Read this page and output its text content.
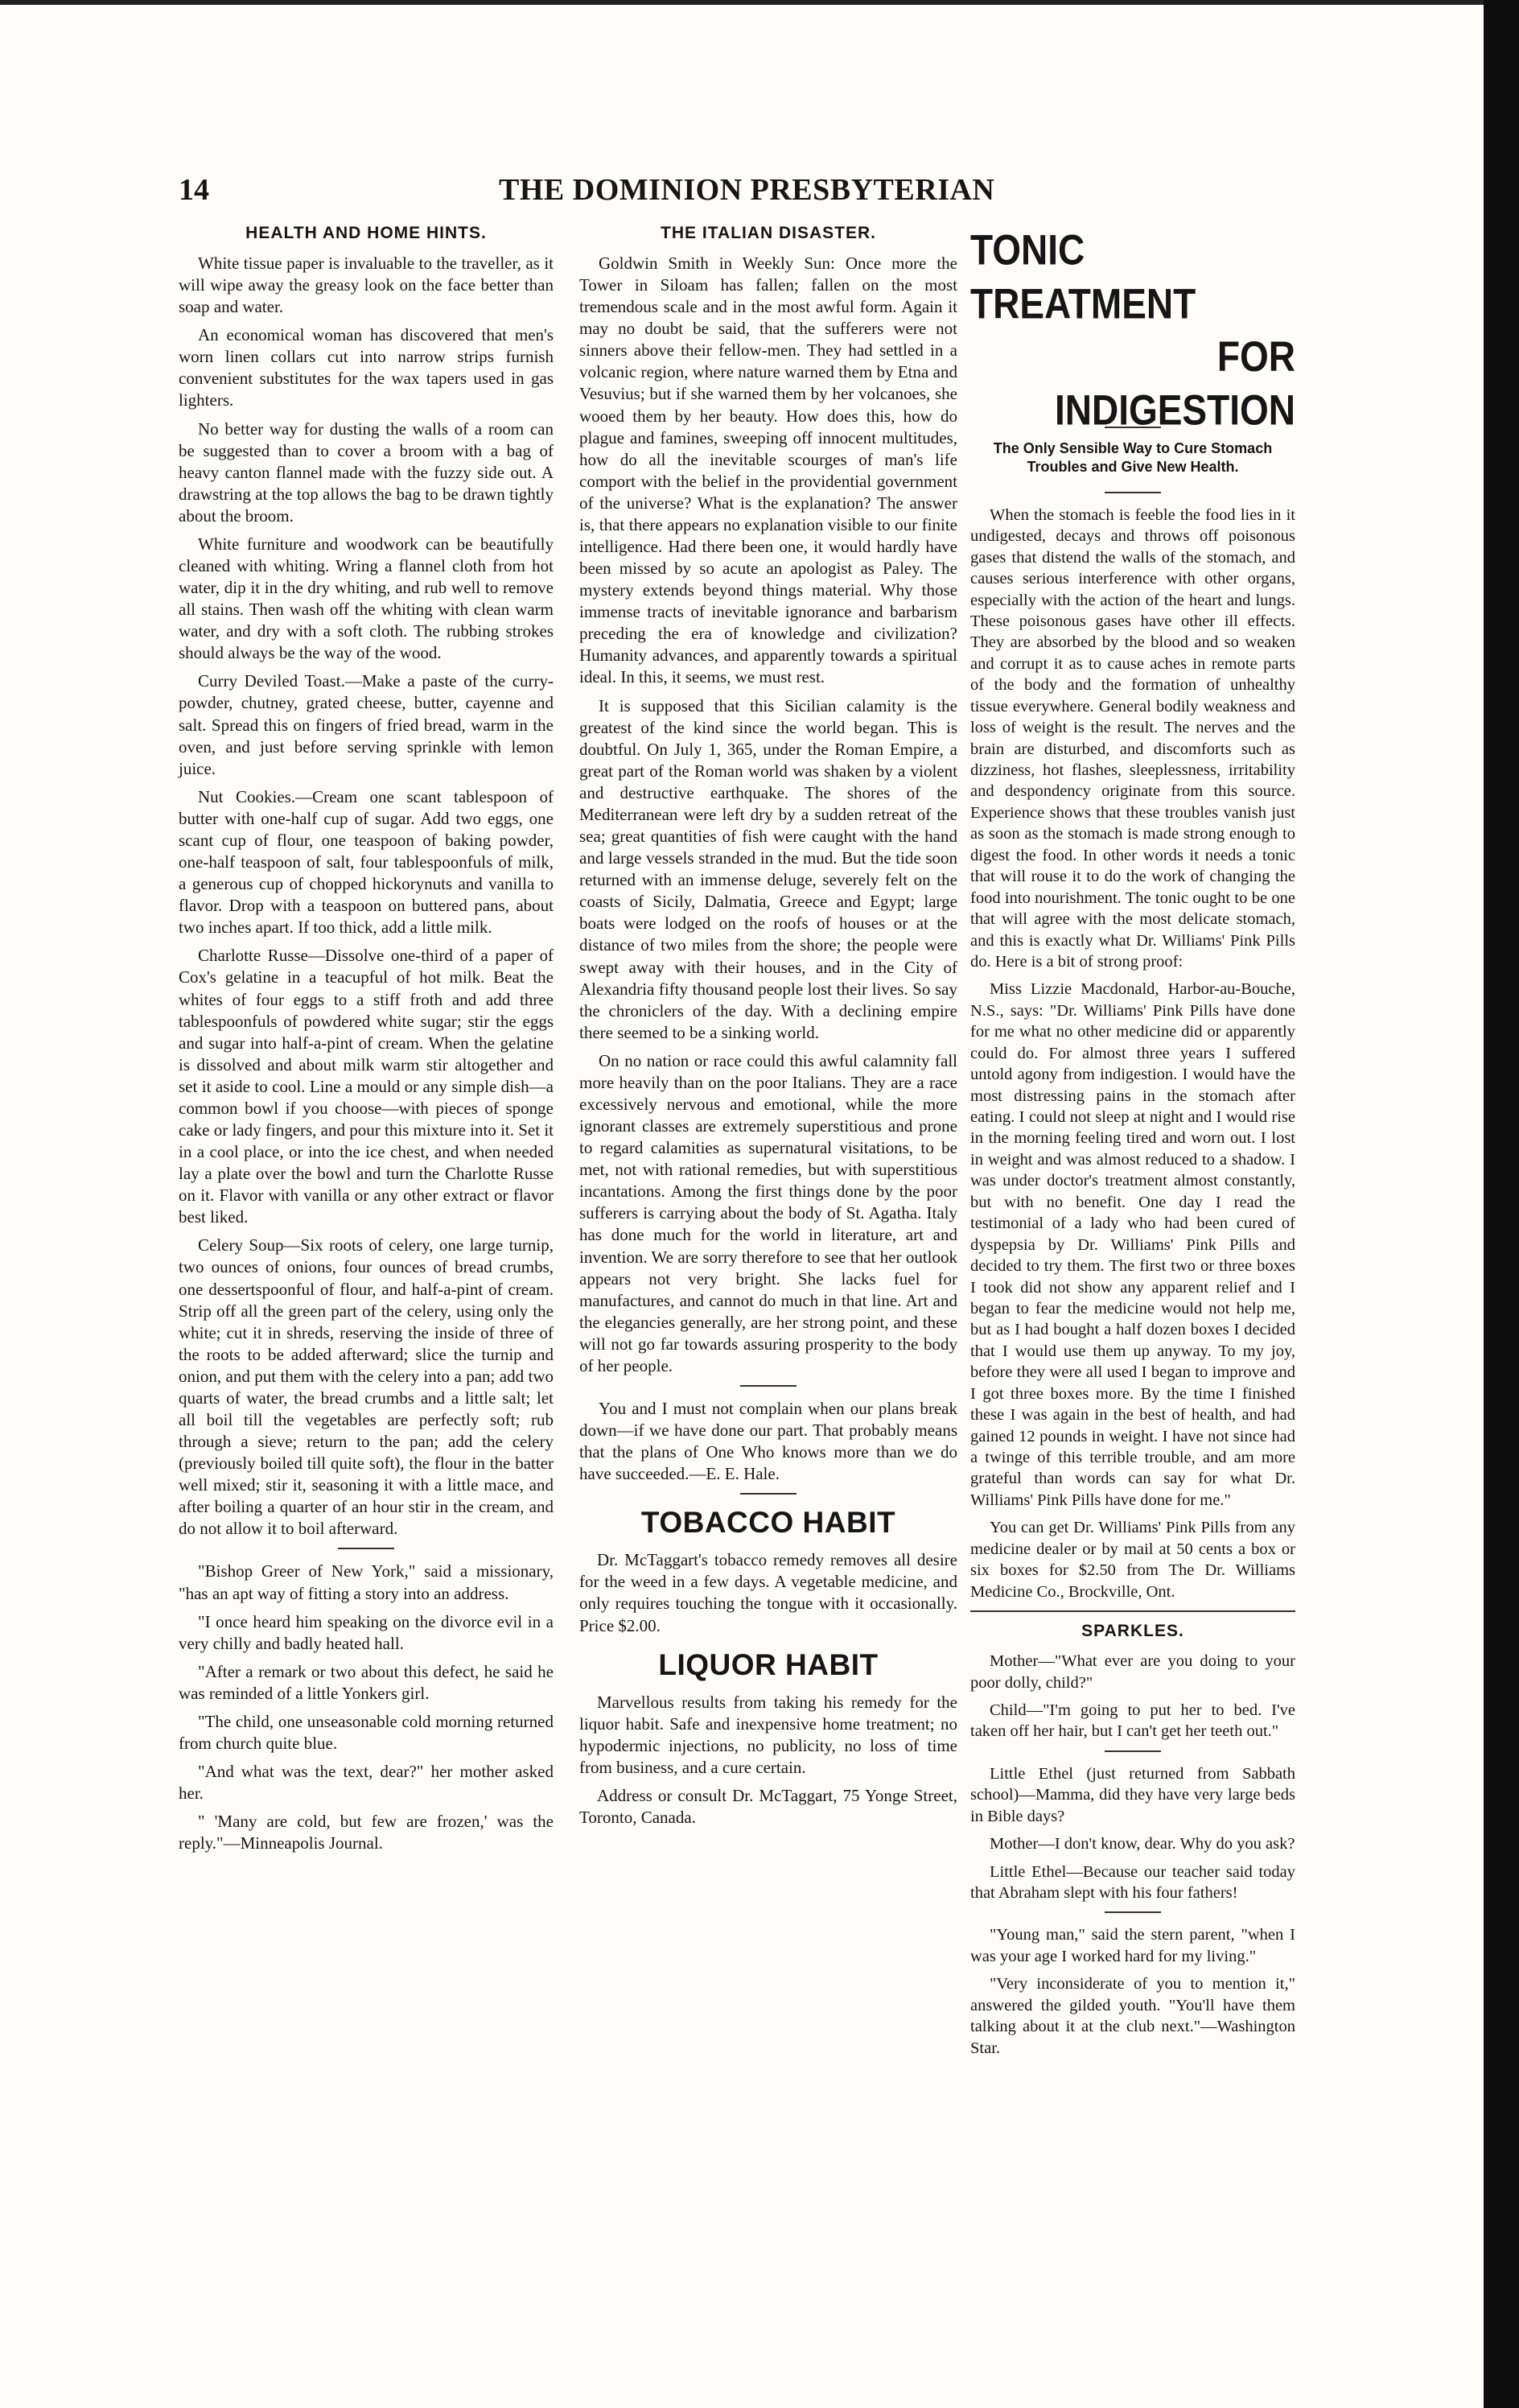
14	THE DOMINION PRESBYTERIAN
HEALTH AND HOME HINTS.

White tissue paper is invaluable to the traveller, as it will wipe away the greasy look on the face better than soap and water.

An economical woman has discovered that men's worn linen collars cut into narrow strips furnish convenient substitutes for the wax tapers used in gas lighters.

No better way for dusting the walls of a room can be suggested than to cover a broom with a bag of heavy canton flannel made with the fuzzy side out. A drawstring at the top allows the bag to be drawn tightly about the broom.

White furniture and woodwork can be beautifully cleaned with whiting. Wring a flannel cloth from hot water, dip it in the dry whiting, and rub well to remove all stains. Then wash off the whiting with clean warm water, and dry with a soft cloth. The rubbing strokes should always be the way of the wood.

Curry Deviled Toast.—Make a paste of the curry-powder, chutney, grated cheese, butter, cayenne and salt. Spread this on fingers of fried bread, warm in the oven, and just before serving sprinkle with lemon juice.

Nut Cookies.—Cream one scant tablespoon of butter with one-half cup of sugar. Add two eggs, one scant cup of flour, one teaspoon of baking powder, one-half teaspoon of salt, four tablespoonfuls of milk, a generous cup of chopped hickorynuts and vanilla to flavor. Drop with a teaspoon on buttered pans, about two inches apart. If too thick, add a little milk.

Charlotte Russe—Dissolve one-third of a paper of Cox's gelatine in a teacupful of hot milk. Beat the whites of four eggs to a stiff froth and add three tablespoonfuls of powdered white sugar; stir the eggs and sugar into half-a-pint of cream. When the gelatine is dissolved and about milk warm stir altogether and set it aside to cool. Line a mould or any simple dish—a common bowl if you choose—with pieces of sponge cake or lady fingers, and pour this mixture into it. Set it in a cool place, or into the ice chest, and when needed lay a plate over the bowl and turn the Charlotte Russe on it. Flavor with vanilla or any other extract or flavor best liked.

Celery Soup—Six roots of celery, one large turnip, two ounces of onions, four ounces of bread crumbs, one dessertspoonful of flour, and half-a-pint of cream. Strip off all the green part of the celery, using only the white; cut it in shreds, reserving the inside of three of the roots to be added afterward; slice the turnip and onion, and put them with the celery into a pan; add two quarts of water, the bread crumbs and a little salt; let all boil till the vegetables are perfectly soft; rub through a sieve; return to the pan; add the celery (previously boiled till quite soft), the flour in the batter well mixed; stir it, seasoning it with a little mace, and after boiling a quarter of an hour stir in the cream, and do not allow it to boil afterward.

"Bishop Greer of New York," said a missionary, "has an apt way of fitting a story into an address.

"I once heard him speaking on the divorce evil in a very chilly and badly heated hall.

"After a remark or two about this defect, he said he was reminded of a little Yonkers girl.

"The child, one unseasonable cold morning returned from church quite blue.

"And what was the text, dear?" her mother asked her.

" 'Many are cold, but few are frozen,' was the reply."—Minneapolis Journal.

THE ITALIAN DISASTER.

Goldwin Smith in Weekly Sun: Once more the Tower in Siloam has fallen; fallen on the most tremendous scale and in the most awful form. Again it may no doubt be said, that the sufferers were not sinners above their fellow-men. They had settled in a volcanic region, where nature warned them by Etna and Vesuvius; but if she warned them by her volcanoes, she wooed them by her beauty. How does this, how do plague and famines, sweeping off innocent multitudes, how do all the inevitable scourges of man's life comport with the belief in the providential government of the universe? What is the explanation? The answer is, that there appears no explanation visible to our finite intelligence. Had there been one, it would hardly have been missed by so acute an apologist as Paley. The mystery extends beyond things material. Why those immense tracts of inevitable ignorance and barbarism preceding the era of knowledge and civilization? Humanity advances, and apparently towards a spiritual ideal. In this, it seems, we must rest.

It is supposed that this Sicilian calamity is the greatest of the kind since the world began. This is doubtful. On July 1, 365, under the Roman Empire, a great part of the Roman world was shaken by a violent and destructive earthquake. The shores of the Mediterranean were left dry by a sudden retreat of the sea; great quantities of fish were caught with the hand and large vessels stranded in the mud. But the tide soon returned with an immense deluge, severely felt on the coasts of Sicily, Dalmatia, Greece and Egypt; large boats were lodged on the roofs of houses or at the distance of two miles from the shore; the people were swept away with their houses, and in the City of Alexandria fifty thousand people lost their lives. So say the chroniclers of the day. With a declining empire there seemed to be a sinking world.

On no nation or race could this awful calamnity fall more heavily than on the poor Italians. They are a race excessively nervous and emotional, while the more ignorant classes are extremely superstitious and prone to regard calamities as supernatural visitations, to be met, not with rational remedies, but with superstitious incantations. Among the first things done by the poor sufferers is carrying about the body of St. Agatha. Italy has done much for the world in literature, art and invention. We are sorry therefore to see that her outlook appears not very bright. She lacks fuel for manufactures, and cannot do much in that line. Art and the elegancies generally, are her strong point, and these will not go far towards assuring prosperity to the body of her people.

You and I must not complain when our plans break down—if we have done our part. That probably means that the plans of One Who knows more than we do have succeeded.—E. E. Hale.

TOBACCO HABIT

Dr. McTaggart's tobacco remedy removes all desire for the weed in a few days. A vegetable medicine, and only requires touching the tongue with it occasionally. Price $2.00.

LIQUOR HABIT

Marvellous results from taking his remedy for the liquor habit. Safe and inexpensive home treatment; no hypodermic injections, no publicity, no loss of time from business, and a cure certain.

Address or consult Dr. McTaggart, 75 Yonge Street, Toronto, Canada.

TONIC TREATMENT
FOR INDIGESTION
The Only Sensible Way to Cure Stomach Troubles and Give New Health.

When the stomach is feeble the food lies in it undigested, decays and throws off poisonous gases that distend the walls of the stomach, and causes serious interference with other organs, especially with the action of the heart and lungs. These poisonous gases have other ill effects. They are absorbed by the blood and so weaken and corrupt it as to cause aches in remote parts of the body and the formation of unhealthy tissue everywhere. General bodily weakness and loss of weight is the result. The nerves and the brain are disturbed, and discomforts such as dizziness, hot flashes, sleeplessness, irritability and despondency originate from this source. Experience shows that these troubles vanish just as soon as the stomach is made strong enough to digest the food. In other words it needs a tonic that will rouse it to do the work of changing the food into nourishment. The tonic ought to be one that will agree with the most delicate stomach, and this is exactly what Dr. Williams' Pink Pills do. Here is a bit of strong proof:

Miss Lizzie Macdonald, Harbor-au-Bouche, N.S., says: "Dr. Williams' Pink Pills have done for me what no other medicine did or apparently could do. For almost three years I suffered untold agony from indigestion. I would have the most distressing pains in the stomach after eating. I could not sleep at night and I would rise in the morning feeling tired and worn out. I lost in weight and was almost reduced to a shadow. I was under doctor's treatment almost constantly, but with no benefit. One day I read the testimonial of a lady who had been cured of dyspepsia by Dr. Williams' Pink Pills and decided to try them. The first two or three boxes I took did not show any apparent relief and I began to fear the medicine would not help me, but as I had bought a half dozen boxes I decided that I would use them up anyway. To my joy, before they were all used I began to improve and I got three boxes more. By the time I finished these I was again in the best of health, and had gained 12 pounds in weight. I have not since had a twinge of this terrible trouble, and am more grateful than words can say for what Dr. Williams' Pink Pills have done for me."

You can get Dr. Williams' Pink Pills from any medicine dealer or by mail at 50 cents a box or six boxes for $2.50 from The Dr. Williams Medicine Co., Brockville, Ont.

SPARKLES.

Mother—"What ever are you doing to your poor dolly, child?"

Child—"I'm going to put her to bed. I've taken off her hair, but I can't get her teeth out."

Little Ethel (just returned from Sabbath school)—Mamma, did they have very large beds in Bible days?

Mother—I don't know, dear. Why do you ask?

Little Ethel—Because our teacher said today that Abraham slept with his four fathers!

"Young man," said the stern parent, "when I was your age I worked hard for my living."

"Very inconsiderate of you to mention it," answered the gilded youth. "You'll have them talking about it at the club next."—Washington Star.
